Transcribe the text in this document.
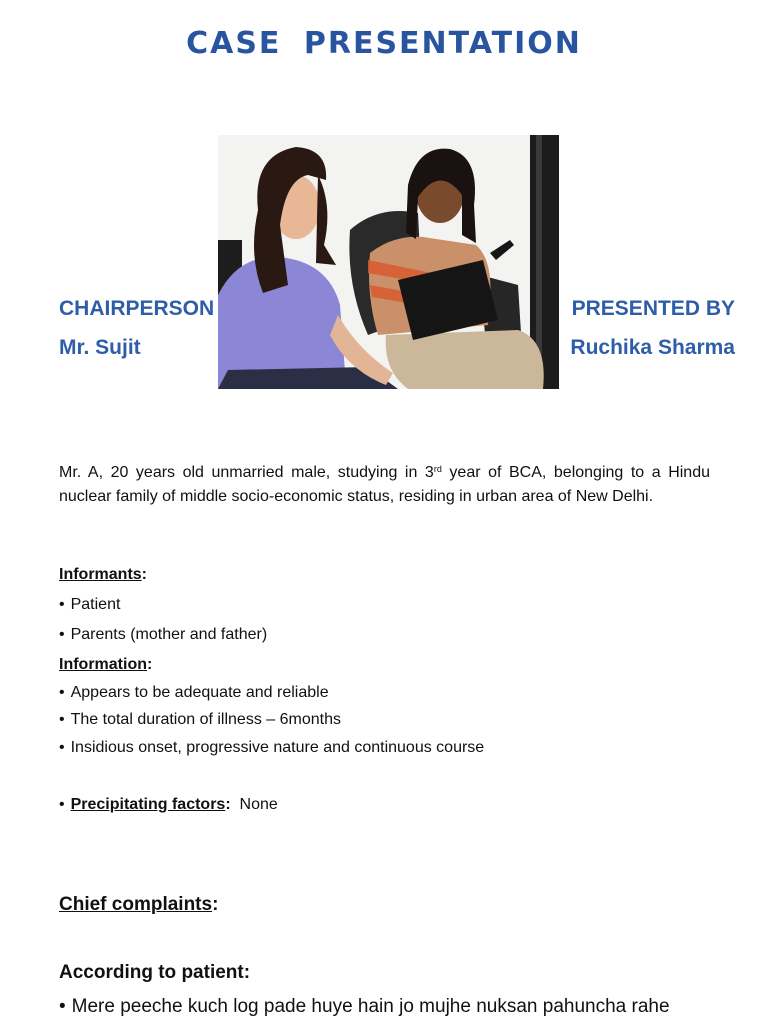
CASE PRESENTATION
CHAIRPERSON
Mr. Sujit
PRESENTED BY
Ruchika Sharma
Mr. A, 20 years old unmarried male, studying in 3rd year of BCA, belonging to a Hindu nuclear family of middle socio-economic status, residing in urban area of New Delhi.
Informants:
• Patient
• Parents (mother and father)
Information:
• Appears to be adequate and reliable
• The total duration of illness – 6months
• Insidious onset, progressive nature and continuous course
• Precipitating factors: None
Chief complaints:
According to patient:
• Mere peeche kuch log pade huye hain jo mujhe nuksan pahuncha rahe
